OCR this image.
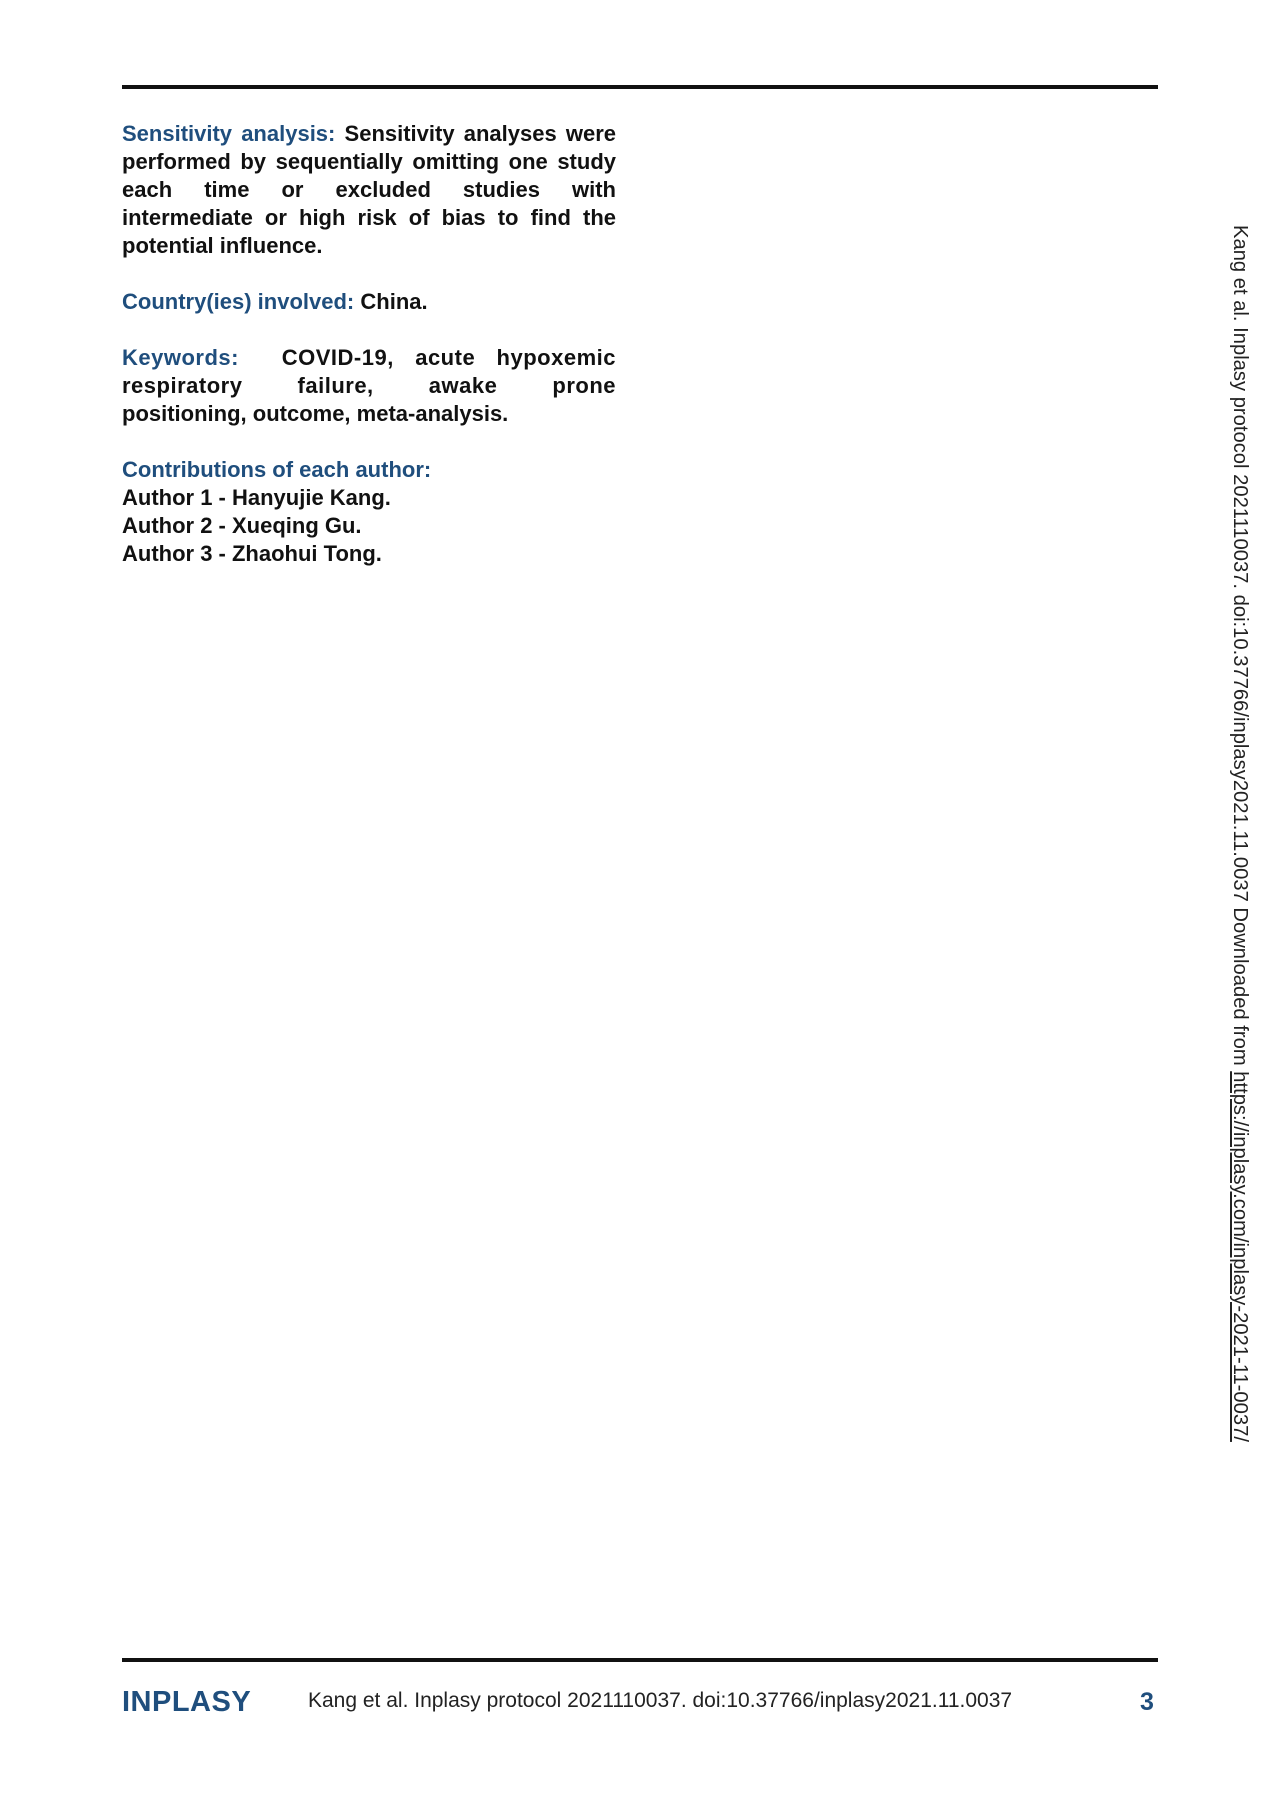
Sensitivity analysis: Sensitivity analyses were performed by sequentially omitting one study each time or excluded studies with intermediate or high risk of bias to find the potential influence.

Country(ies) involved: China.

Keywords: COVID-19, acute hypoxemic
respiratory failure, awake prone
positioning, outcome, meta-analysis.

Contributions of each author:
Author 1 - Hanyujie Kang.
Author 2 - Xueqing Gu.
Author 3 - Zhaohui Tong.	Kang et al. Inplasy protocol 2021110037. doi:10.37766/inplasy2021.11.0037 Downloaded from https://inplasy.com/inplasy-2021-11-0037/
INPLASY	Kang et al. Inplasy protocol 2021110037. doi:10.37766/inplasy2021.11.0037	3
